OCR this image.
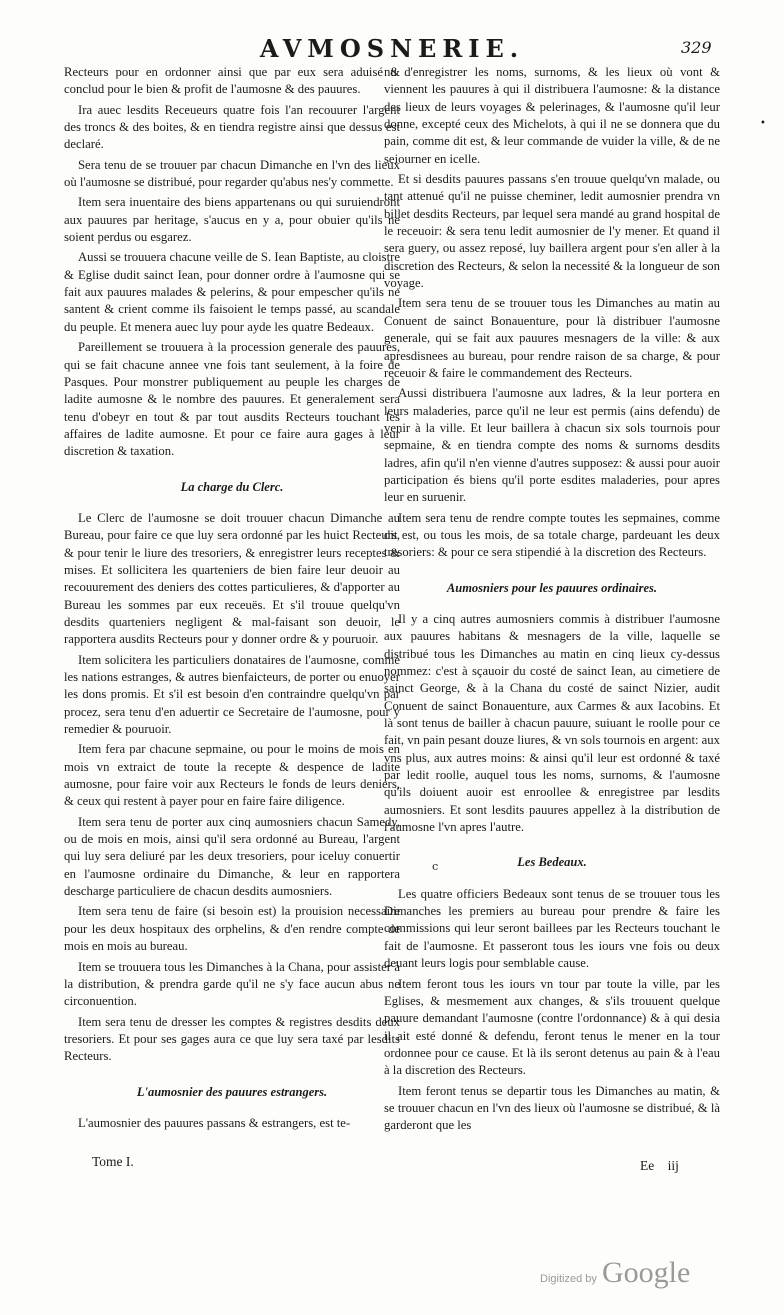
AVMOSNERIE.	329
•

Recteurs pour en ordonner ainsi que par eux sera aduisé & conclud pour le bien & profit de l'aumosne & des pauures.

Ira auec lesdits Receueurs quatre fois l'an recouurer l'argent des troncs & des boites, & en tiendra registre ainsi que dessus est declaré.

Sera tenu de se trouuer par chacun Dimanche en l'vn des lieux où l'aumosne se distribué, pour regarder qu'abus nes'y commette.

Item sera inuentaire des biens appartenans ou qui suruiendront aux pauures par heritage, s'aucus en y a, pour obuier qu'ils ne soient perdus ou esgarez.

Aussi se trouuera chacune veille de S. Iean Baptiste, au cloistre & Eglise dudit sainct Iean, pour donner ordre à l'aumosne qui se fait aux pauures malades & pelerins, & pour empescher qu'ils ne santent & crient comme ils faisoient le temps passé, au scandale du peuple. Et menera auec luy pour ayde les quatre Bedeaux.

Pareillement se trouuera à la procession generale des pauures, qui se fait chacune annee vne fois tant seulement, à la foire de Pasques. Pour monstrer publiquement au peuple les charges de ladite aumosne & le nombre des pauures. Et generalement sera tenu d'obeyr en tout & par tout ausdits Recteurs touchant les affaires de ladite aumosne. Et pour ce faire aura gages à leur discretion & taxation.

La charge du Clerc.

Le Clerc de l'aumosne se doit trouuer chacun Dimanche au Bureau, pour faire ce que luy sera ordonné par les huict Recteurs, & pour tenir le liure des tresoriers, & enregistrer leurs receptes & mises. Et sollicitera les quarteniers de bien faire leur deuoir au recouurement des deniers des cottes particulieres, & d'apporter au Bureau les sommes par eux receuës. Et s'il trouue quelqu'vn desdits quarteniers negligent & mal-faisant son deuoir, le rapportera ausdits Recteurs pour y donner ordre & y pouruoir.

Item solicitera les particuliers donataires de l'aumosne, comme les nations estranges, & autres bienfaicteurs, de porter ou enuoyer les dons promis. Et s'il est besoin d'en contraindre quelqu'vn par procez, sera tenu d'en aduertir ce Secretaire de l'aumosne, pour y remedier & pouruoir.

Item fera par chacune sepmaine, ou pour le moins de mois en mois vn extraict de toute la recepte & despence de ladite aumosne, pour faire voir aux Recteurs le fonds de leurs deniers, & ceux qui restent à payer pour en faire faire diligence.

Item sera tenu de porter aux cinq aumosniers chacun Samedy, ou de mois en mois, ainsi qu'il sera ordonné au Bureau, l'argent qui luy sera deliuré par les deux tresoriers, pour iceluy conuertir en l'aumosne ordinaire du Dimanche, & leur en rapportera descharge particuliere de chacun desdits aumosniers.

Item sera tenu de faire (si besoin est) la prouision necessaire pour les deux hospitaux des orphelins, & d'en rendre compte de mois en mois au bureau.

Item se trouuera tous les Dimanches à la Chana, pour assister à la distribution, & prendra garde qu'il ne s'y face aucun abus ne circonuention.

Item sera tenu de dresser les comptes & registres desdits deux tresoriers. Et pour ses gages aura ce que luy sera taxé par lesdits Recteurs.

L'aumosnier des pauures estrangers.

L'aumosnier des pauures passans & estrangers, est te-

nu d'enregistrer les noms, surnoms, & les lieux où vont & viennent les pauures à qui il distribuera l'aumosne: & la distance des lieux de leurs voyages & pelerinages, & l'aumosne qu'il leur donne, excepté ceux des Michelots, à qui il ne se donnera que du pain, comme dit est, & leur commande de vuider la ville, & de ne seiourner en icelle.

Et si desdits pauures passans s'en trouue quelqu'vn malade, ou tant attenué qu'il ne puisse cheminer, ledit aumosnier prendra vn billet desdits Recteurs, par lequel sera mandé au grand hospital de le receuoir: & sera tenu ledit aumosnier de l'y mener. Et quand il sera guery, ou assez reposé, luy baillera argent pour s'en aller à la discretion des Recteurs, & selon la necessité & la longueur de son voyage.

Item sera tenu de se trouuer tous les Dimanches au matin au Conuent de sainct Bonauenture, pour là distribuer l'aumosne generale, qui se fait aux pauures mesnagers de la ville: & aux apresdisnees au bureau, pour rendre raison de sa charge, & pour receuoir & faire le commandement des Recteurs.

Aussi distribuera l'aumosne aux ladres, & la leur portera en leurs maladeries, parce qu'il ne leur est permis (ains defendu) de venir à la ville. Et leur baillera à chacun six sols tournois pour sepmaine, & en tiendra compte des noms & surnoms desdits ladres, afin qu'il n'en vienne d'autres supposez: & aussi pour auoir participation és biens qu'il porte esdites maladeries, pour apres leur en suruenir.

Item sera tenu de rendre compte toutes les sepmaines, comme dit est, ou tous les mois, de sa totale charge, pardeuant les deux tresoriers: & pour ce sera stipendié à la discretion des Recteurs.

Aumosniers pour les pauures ordinaires.

Il y a cinq autres aumosniers commis à distribuer l'aumosne aux pauures habitans & mesnagers de la ville, laquelle se distribué tous les Dimanches au matin en cinq lieux cy-dessus nommez: c'est à sçauoir du costé de sainct Iean, au cimetiere de sainct George, & à la Chana du costé de sainct Nizier, audit Conuent de sainct Bonauenture, aux Carmes & aux Iacobins. Et là sont tenus de bailler à chacun pauure, suiuant le roolle pour ce fait, vn pain pesant douze liures, & vn sols tournois en argent: aux vns plus, aux autres moins: & ainsi qu'il leur est ordonné & taxé par ledit roolle, auquel tous les noms, surnoms, & l'aumosne qu'ils doiuent auoir est enroollee & enregistree par lesdits aumosniers. Et sont lesdits pauures appellez à la distribution de l'aumosne l'vn apres l'autre.

Les Bedeaux.

Les quatre officiers Bedeaux sont tenus de se trouuer tous les Dimanches les premiers au bureau pour prendre & faire les commissions qui leur seront baillees par les Recteurs touchant le fait de l'aumosne. Et passeront tous les iours vne fois ou deux deuant leurs logis pour semblable cause.

Item feront tous les iours vn tour par toute la ville, par les Eglises, & mesmement aux changes, & s'ils trouuent quelque pauure demandant l'aumosne (contre l'ordonnance) & à qui desia il ait esté donné & defendu, feront tenus le mener en la tour ordonnee pour ce cause. Et là ils seront detenus au pain & à l'eau à la discretion des Recteurs.

Item feront tenus se departir tous les Dimanches au matin, & se trouuer chacun en l'vn des lieux où l'aumosne se distribué, & là garderont que les

c
Tome I.	Ee iij
Digitized by Google
